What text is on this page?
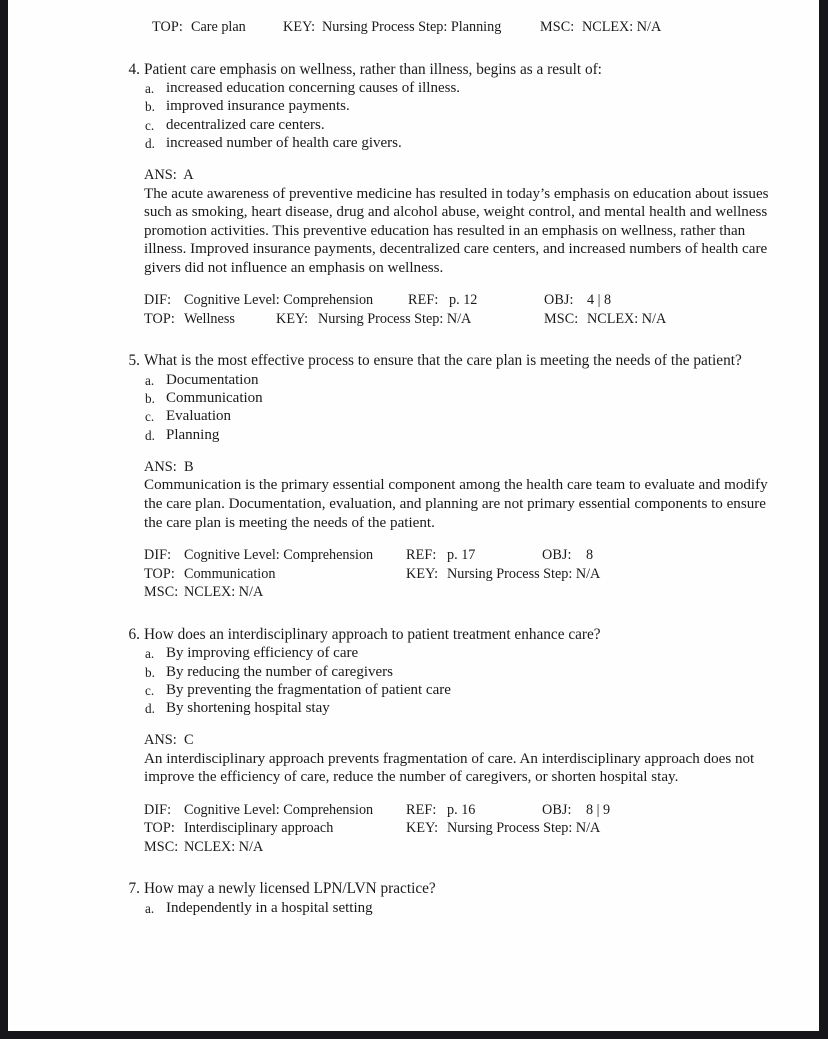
TOP: Care plan	KEY: Nursing Process Step: Planning	MSC: NCLEX: N/A
4. Patient care emphasis on wellness, rather than illness, begins as a result of:
a. increased education concerning causes of illness.
b. improved insurance payments.
c. decentralized care centers.
d. increased number of health care givers.
ANS: A
The acute awareness of preventive medicine has resulted in today’s emphasis on education about issues such as smoking, heart disease, drug and alcohol abuse, weight control, and mental health and wellness promotion activities. This preventive education has resulted in an emphasis on wellness, rather than illness. Improved insurance payments, decentralized care centers, and increased numbers of health care givers did not influence an emphasis on wellness.
DIF: Cognitive Level: Comprehension REF: p. 12	OBJ: 4 | 8
TOP: Wellness	KEY: Nursing Process Step: N/A	MSC: NCLEX: N/A
5. What is the most effective process to ensure that the care plan is meeting the needs of the patient?
a. Documentation
b. Communication
c. Evaluation
d. Planning
ANS: B
Communication is the primary essential component among the health care team to evaluate and modify the care plan. Documentation, evaluation, and planning are not primary essential components to ensure the care plan is meeting the needs of the patient.
DIF: Cognitive Level: Comprehension REF: p. 17	OBJ: 8
TOP: Communication	KEY: Nursing Process Step: N/A
MSC: NCLEX: N/A
6. How does an interdisciplinary approach to patient treatment enhance care?
a. By improving efficiency of care
b. By reducing the number of caregivers
c. By preventing the fragmentation of patient care
d. By shortening hospital stay
ANS: C
An interdisciplinary approach prevents fragmentation of care. An interdisciplinary approach does not improve the efficiency of care, reduce the number of caregivers, or shorten hospital stay.
DIF: Cognitive Level: Comprehension REF: p. 16	OBJ: 8 | 9
TOP: Interdisciplinary approach	KEY: Nursing Process Step: N/A
MSC: NCLEX: N/A
7. How may a newly licensed LPN/LVN practice?
a. Independently in a hospital setting
